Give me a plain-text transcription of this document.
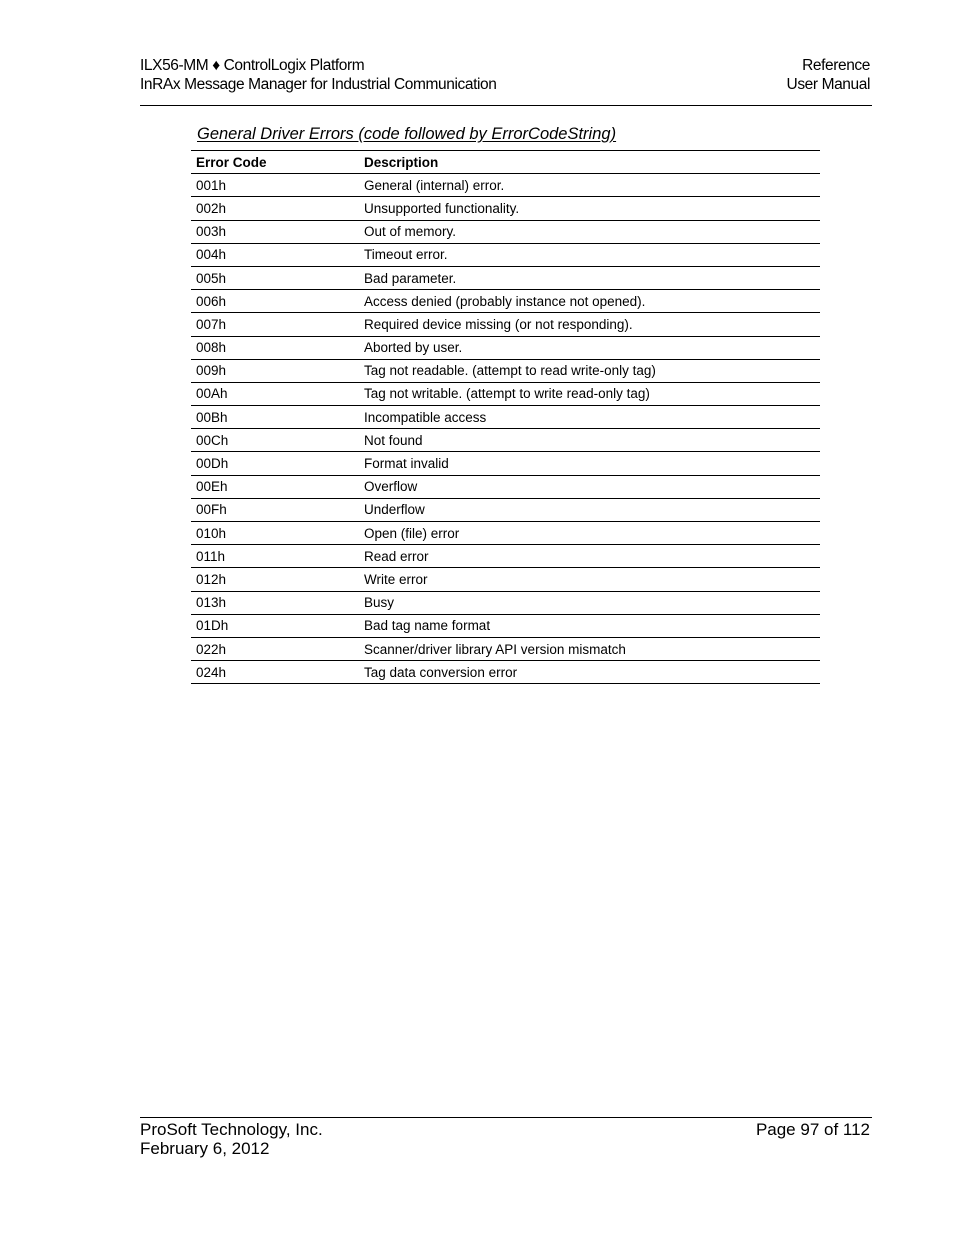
ILX56-MM ♦ ControlLogix Platform
InRAx Message Manager for Industrial Communication
Reference
User Manual
General Driver Errors (code followed by ErrorCodeString)
Error Code	Description
001h	General (internal) error.
002h	Unsupported functionality.
003h	Out of memory.
004h	Timeout error.
005h	Bad parameter.
006h	Access denied (probably instance not opened).
007h	Required device missing (or not responding).
008h	Aborted by user.
009h	Tag not readable. (attempt to read write-only tag)
00Ah	Tag not writable. (attempt to write read-only tag)
00Bh	Incompatible access
00Ch	Not found
00Dh	Format invalid
00Eh	Overflow
00Fh	Underflow
010h	Open (file) error
011h	Read error
012h	Write error
013h	Busy
01Dh	Bad tag name format
022h	Scanner/driver library API version mismatch
024h	Tag data conversion error
ProSoft Technology, Inc.
February 6, 2012
Page 97 of 112
